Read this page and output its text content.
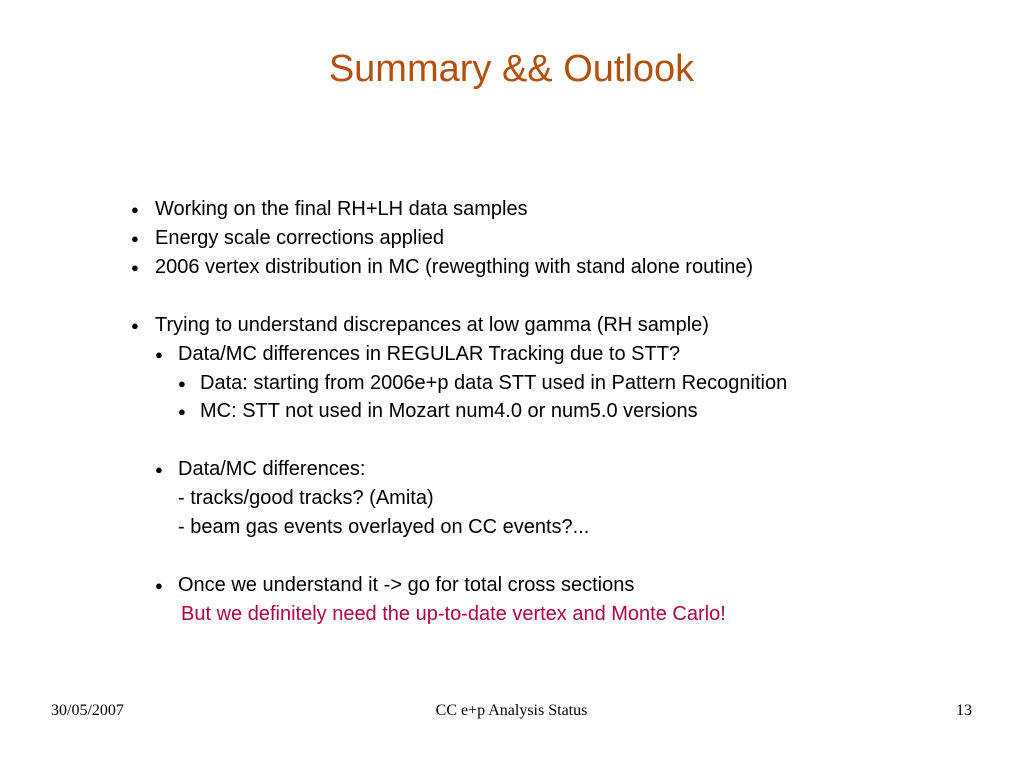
Summary && Outlook
● Working on the final RH+LH data samples
● Energy scale corrections applied
● 2006 vertex distribution in MC (rewegthing with stand alone routine)
● Trying to understand discrepances at low gamma (RH sample)
● Data/MC differences in REGULAR Tracking due to STT?
● Data: starting from 2006e+p data STT used in Pattern Recognition
● MC: STT not used in Mozart num4.0 or num5.0 versions
● Data/MC differences:
- tracks/good tracks? (Amita)
- beam gas events overlayed on CC events?...
● Once we understand it -> go for total cross sections
But we definitely need the up-to-date vertex and Monte Carlo!
30/05/2007	CC e+p Analysis Status	13
